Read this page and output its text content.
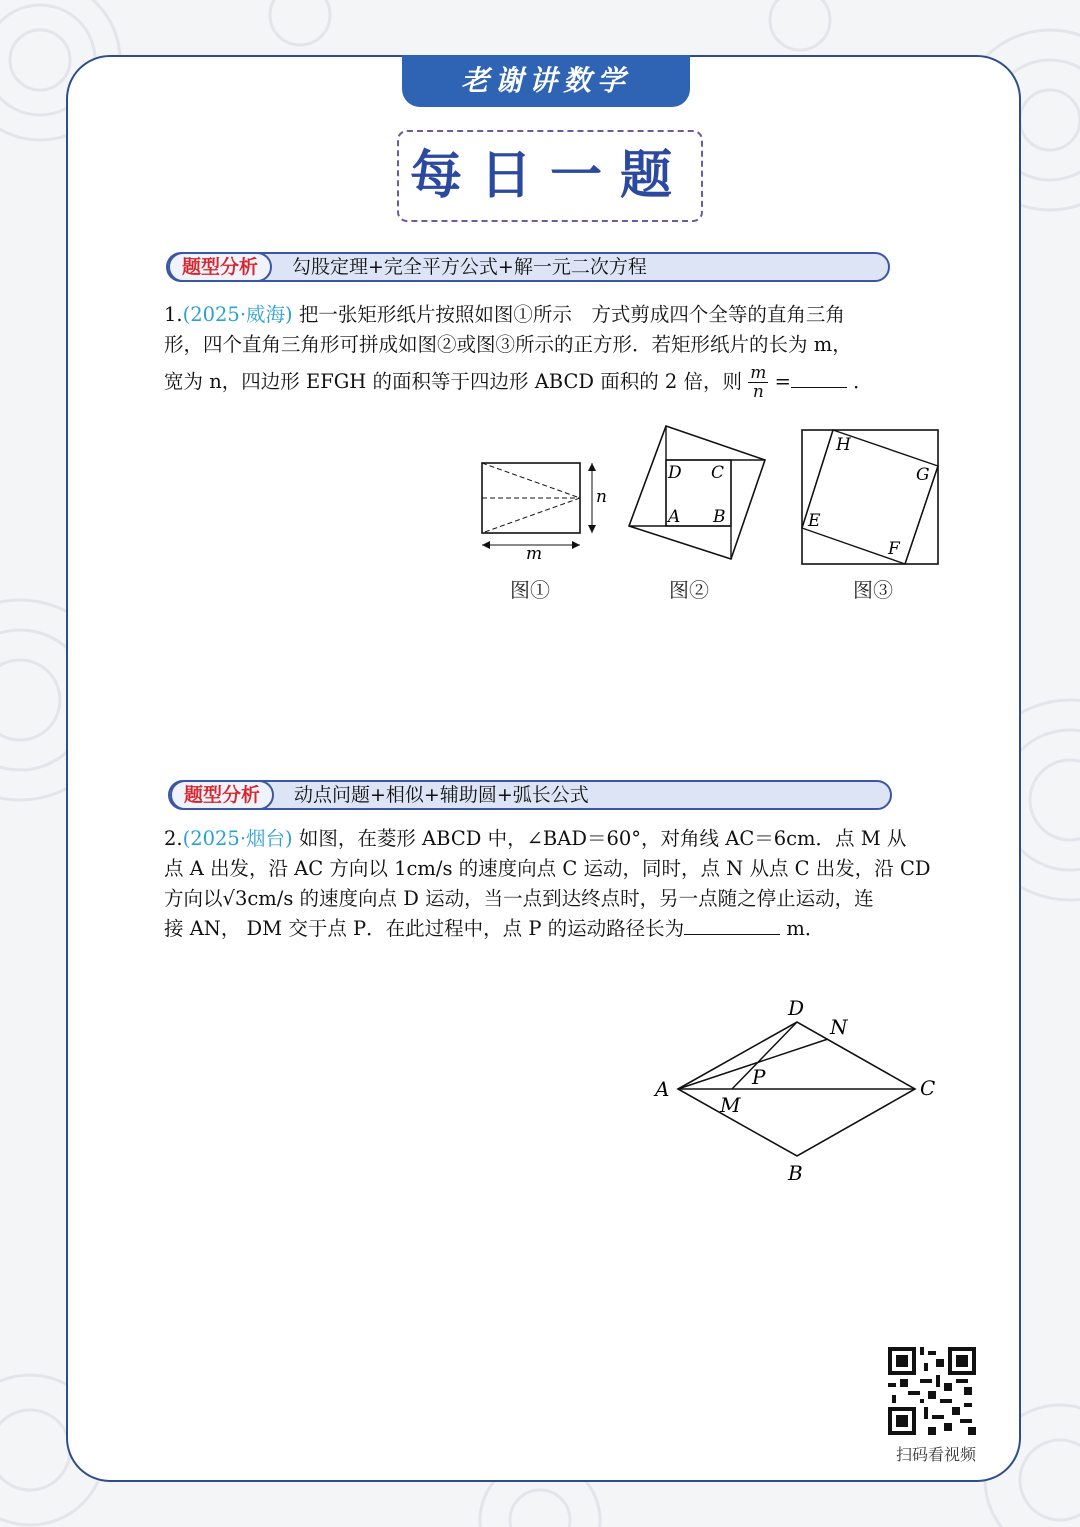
老谢讲数学
每日一题
题型分析	勾股定理+完全平方公式+解一元二次方程
1.(2025·威海) 把一张矩形纸片按照如图①所示　方式剪成四个全等的直角三角
形，四个直角三角形可拼成如图②或图③所示的正方形．若矩形纸片的长为 m，
宽为 n，四边形 EFGH 的面积等于四边形 ABCD 面积的 2 倍，则 $\frac{m}{n}$ =	．
n
m
图①
D C
A B
图②
H
G
E
F
图③
题型分析	动点问题+相似+辅助圆+弧长公式
2.(2025·烟台) 如图，在菱形 ABCD 中，∠BAD＝60°，对角线 AC＝6cm．点 M 从
点 A 出发，沿 AC 方向以 1cm/s 的速度向点 C 运动，同时，点 N 从点 C 出发，沿 CD
方向以√3cm/s 的速度向点 D 运动，当一点到达终点时，另一点随之停止运动，连
接 AN， DM 交于点 P．在此过程中，点 P 的运动路径长为	m．
A
D
N
C
B
M
P
扫码看视频
